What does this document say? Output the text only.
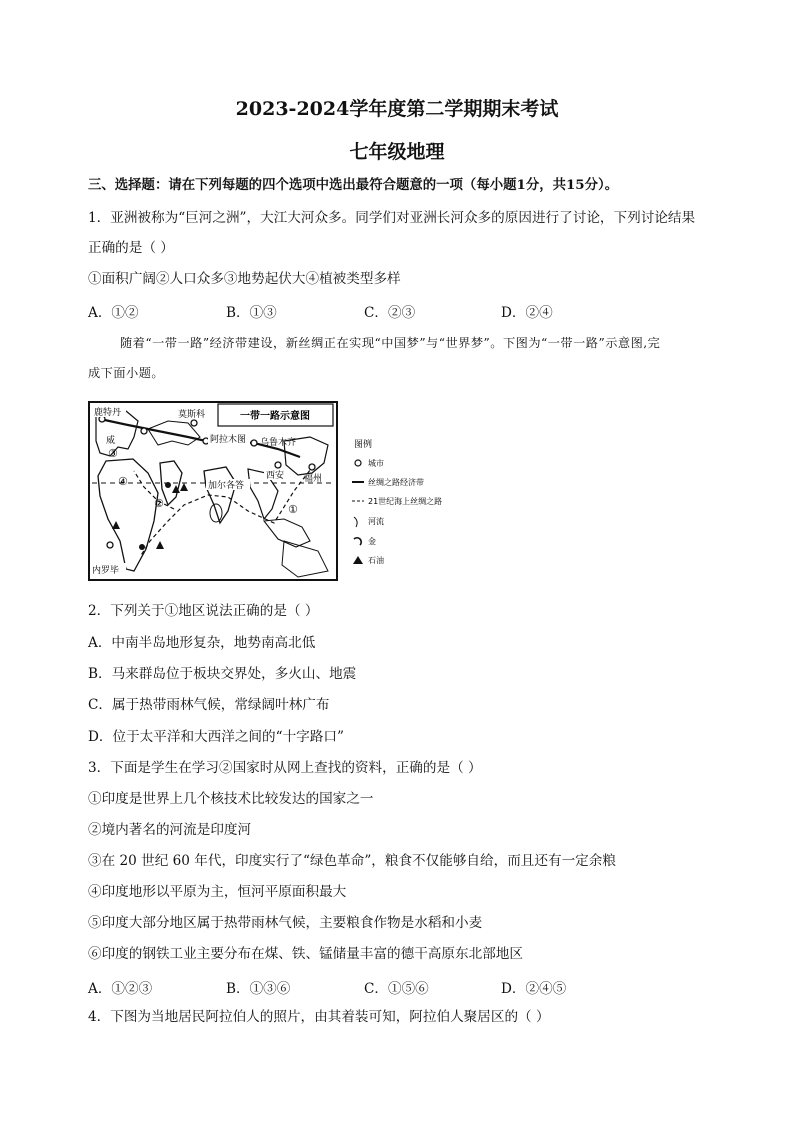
2023-2024学年度第二学期期末考试
七年级地理
三、选择题：请在下列每题的四个选项中选出最符合题意的一项（每小题1分，共15分）。
1．亚洲被称为“巨河之洲”，大江大河众多。同学们对亚洲长河众多的原因进行了讨论，下列讨论结果
正确的是（ ）
①面积广阔②人口众多③地势起伏大④植被类型多样
A．①②	B．①③	C．②③	D．②④
随着“一带一路”经济带建设，新丝绸正在实现“中国梦”与“世界梦”。下图为“一带一路”示意图,完
成下面小题。
一带一路示意图
鹿特丹	莫斯科
阿拉木图 乌鲁木齐
西安 福州
加尔各答
内罗毕
威
①
②
③
④
图例
城市
丝绸之路经济带
21世纪海上丝绸之路
河流
金
石油
2．下列关于①地区说法正确的是（ ）
A．中南半岛地形复杂，地势南高北低
B．马来群岛位于板块交界处，多火山、地震
C．属于热带雨林气候，常绿阔叶林广布
D．位于太平洋和大西洋之间的“十字路口”
3．下面是学生在学习②国家时从网上查找的资料，正确的是（ ）
①印度是世界上几个核技术比较发达的国家之一
②境内著名的河流是印度河
③在 20 世纪 60 年代，印度实行了“绿色革命”，粮食不仅能够自给，而且还有一定余粮
④印度地形以平原为主，恒河平原面积最大
⑤印度大部分地区属于热带雨林气候，主要粮食作物是水稻和小麦
⑥印度的钢铁工业主要分布在煤、铁、锰储量丰富的德干高原东北部地区
A．①②③	B．①③⑥	C．①⑤⑥	D．②④⑤
4．下图为当地居民阿拉伯人的照片，由其着装可知，阿拉伯人聚居区的（ ）
